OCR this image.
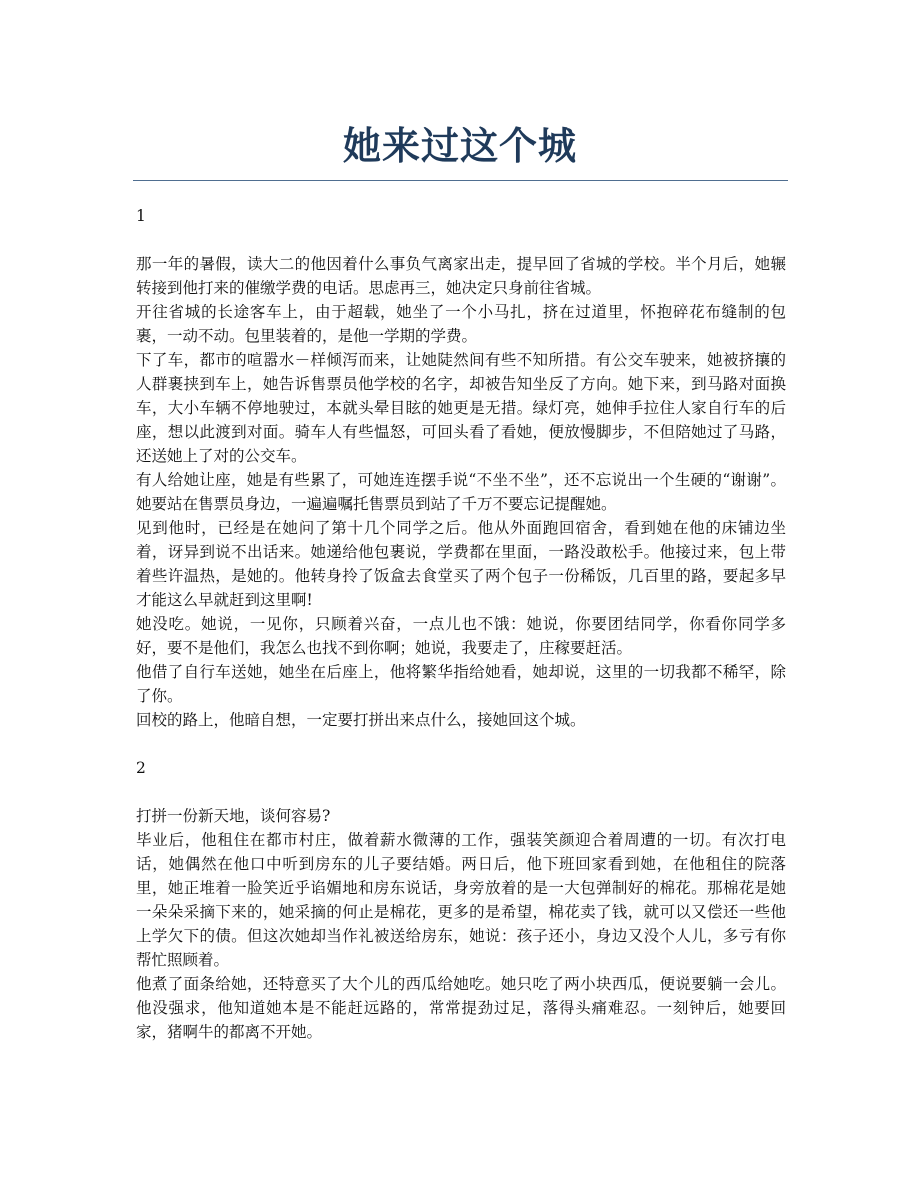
她来过这个城
1

那一年的暑假，读大二的他因着什么事负气离家出走，提早回了省城的学校。半个月后，她辗转接到他打来的催缴学费的电话。思虑再三，她决定只身前往省城。

开往省城的长途客车上，由于超载，她坐了一个小马扎，挤在过道里，怀抱碎花布缝制的包裹，一动不动。包里装着的，是他一学期的学费。

下了车，都市的喧嚣水－样倾泻而来，让她陡然间有些不知所措。有公交车驶来，她被挤攘的人群裹挟到车上，她告诉售票员他学校的名字，却被告知坐反了方向。她下来，到马路对面换车，大小车辆不停地驶过，本就头晕目眩的她更是无措。绿灯亮，她伸手拉住人家自行车的后座，想以此渡到对面。骑车人有些愠怒，可回头看了看她，便放慢脚步，不但陪她过了马路，还送她上了对的公交车。

有人给她让座，她是有些累了，可她连连摆手说“不坐不坐”，还不忘说出一个生硬的“谢谢”。她要站在售票员身边，一遍遍嘱托售票员到站了千万不要忘记提醒她。

见到他时，已经是在她问了第十几个同学之后。他从外面跑回宿舍，看到她在他的床铺边坐着，讶异到说不出话来。她递给他包裹说，学费都在里面，一路没敢松手。他接过来，包上带着些许温热，是她的。他转身拎了饭盒去食堂买了两个包子一份稀饭，几百里的路，要起多早才能这么早就赶到这里啊!

她没吃。她说，一见你，只顾着兴奋，一点儿也不饿：她说，你要团结同学，你看你同学多好，要不是他们，我怎么也找不到你啊；她说，我要走了，庄稼要赶活。

他借了自行车送她，她坐在后座上，他将繁华指给她看，她却说，这里的一切我都不稀罕，除了你。

回校的路上，他暗自想，一定要打拼出来点什么，接她回这个城。

2

打拼一份新天地，谈何容易?

毕业后，他租住在都市村庄，做着薪水微薄的工作，强装笑颜迎合着周遭的一切。有次打电话，她偶然在他口中听到房东的儿子要结婚。两日后，他下班回家看到她，在他租住的院落里，她正堆着一脸笑近乎谄媚地和房东说话，身旁放着的是一大包弹制好的棉花。那棉花是她一朵朵采摘下来的，她采摘的何止是棉花，更多的是希望，棉花卖了钱，就可以又偿还一些他上学欠下的债。但这次她却当作礼被送给房东，她说：孩子还小，身边又没个人儿，多亏有你帮忙照顾着。

他煮了面条给她，还特意买了大个儿的西瓜给她吃。她只吃了两小块西瓜，便说要躺一会儿。他没强求，他知道她本是不能赶远路的，常常提劲过足，落得头痛难忍。一刻钟后，她要回家，猪啊牛的都离不开她。
